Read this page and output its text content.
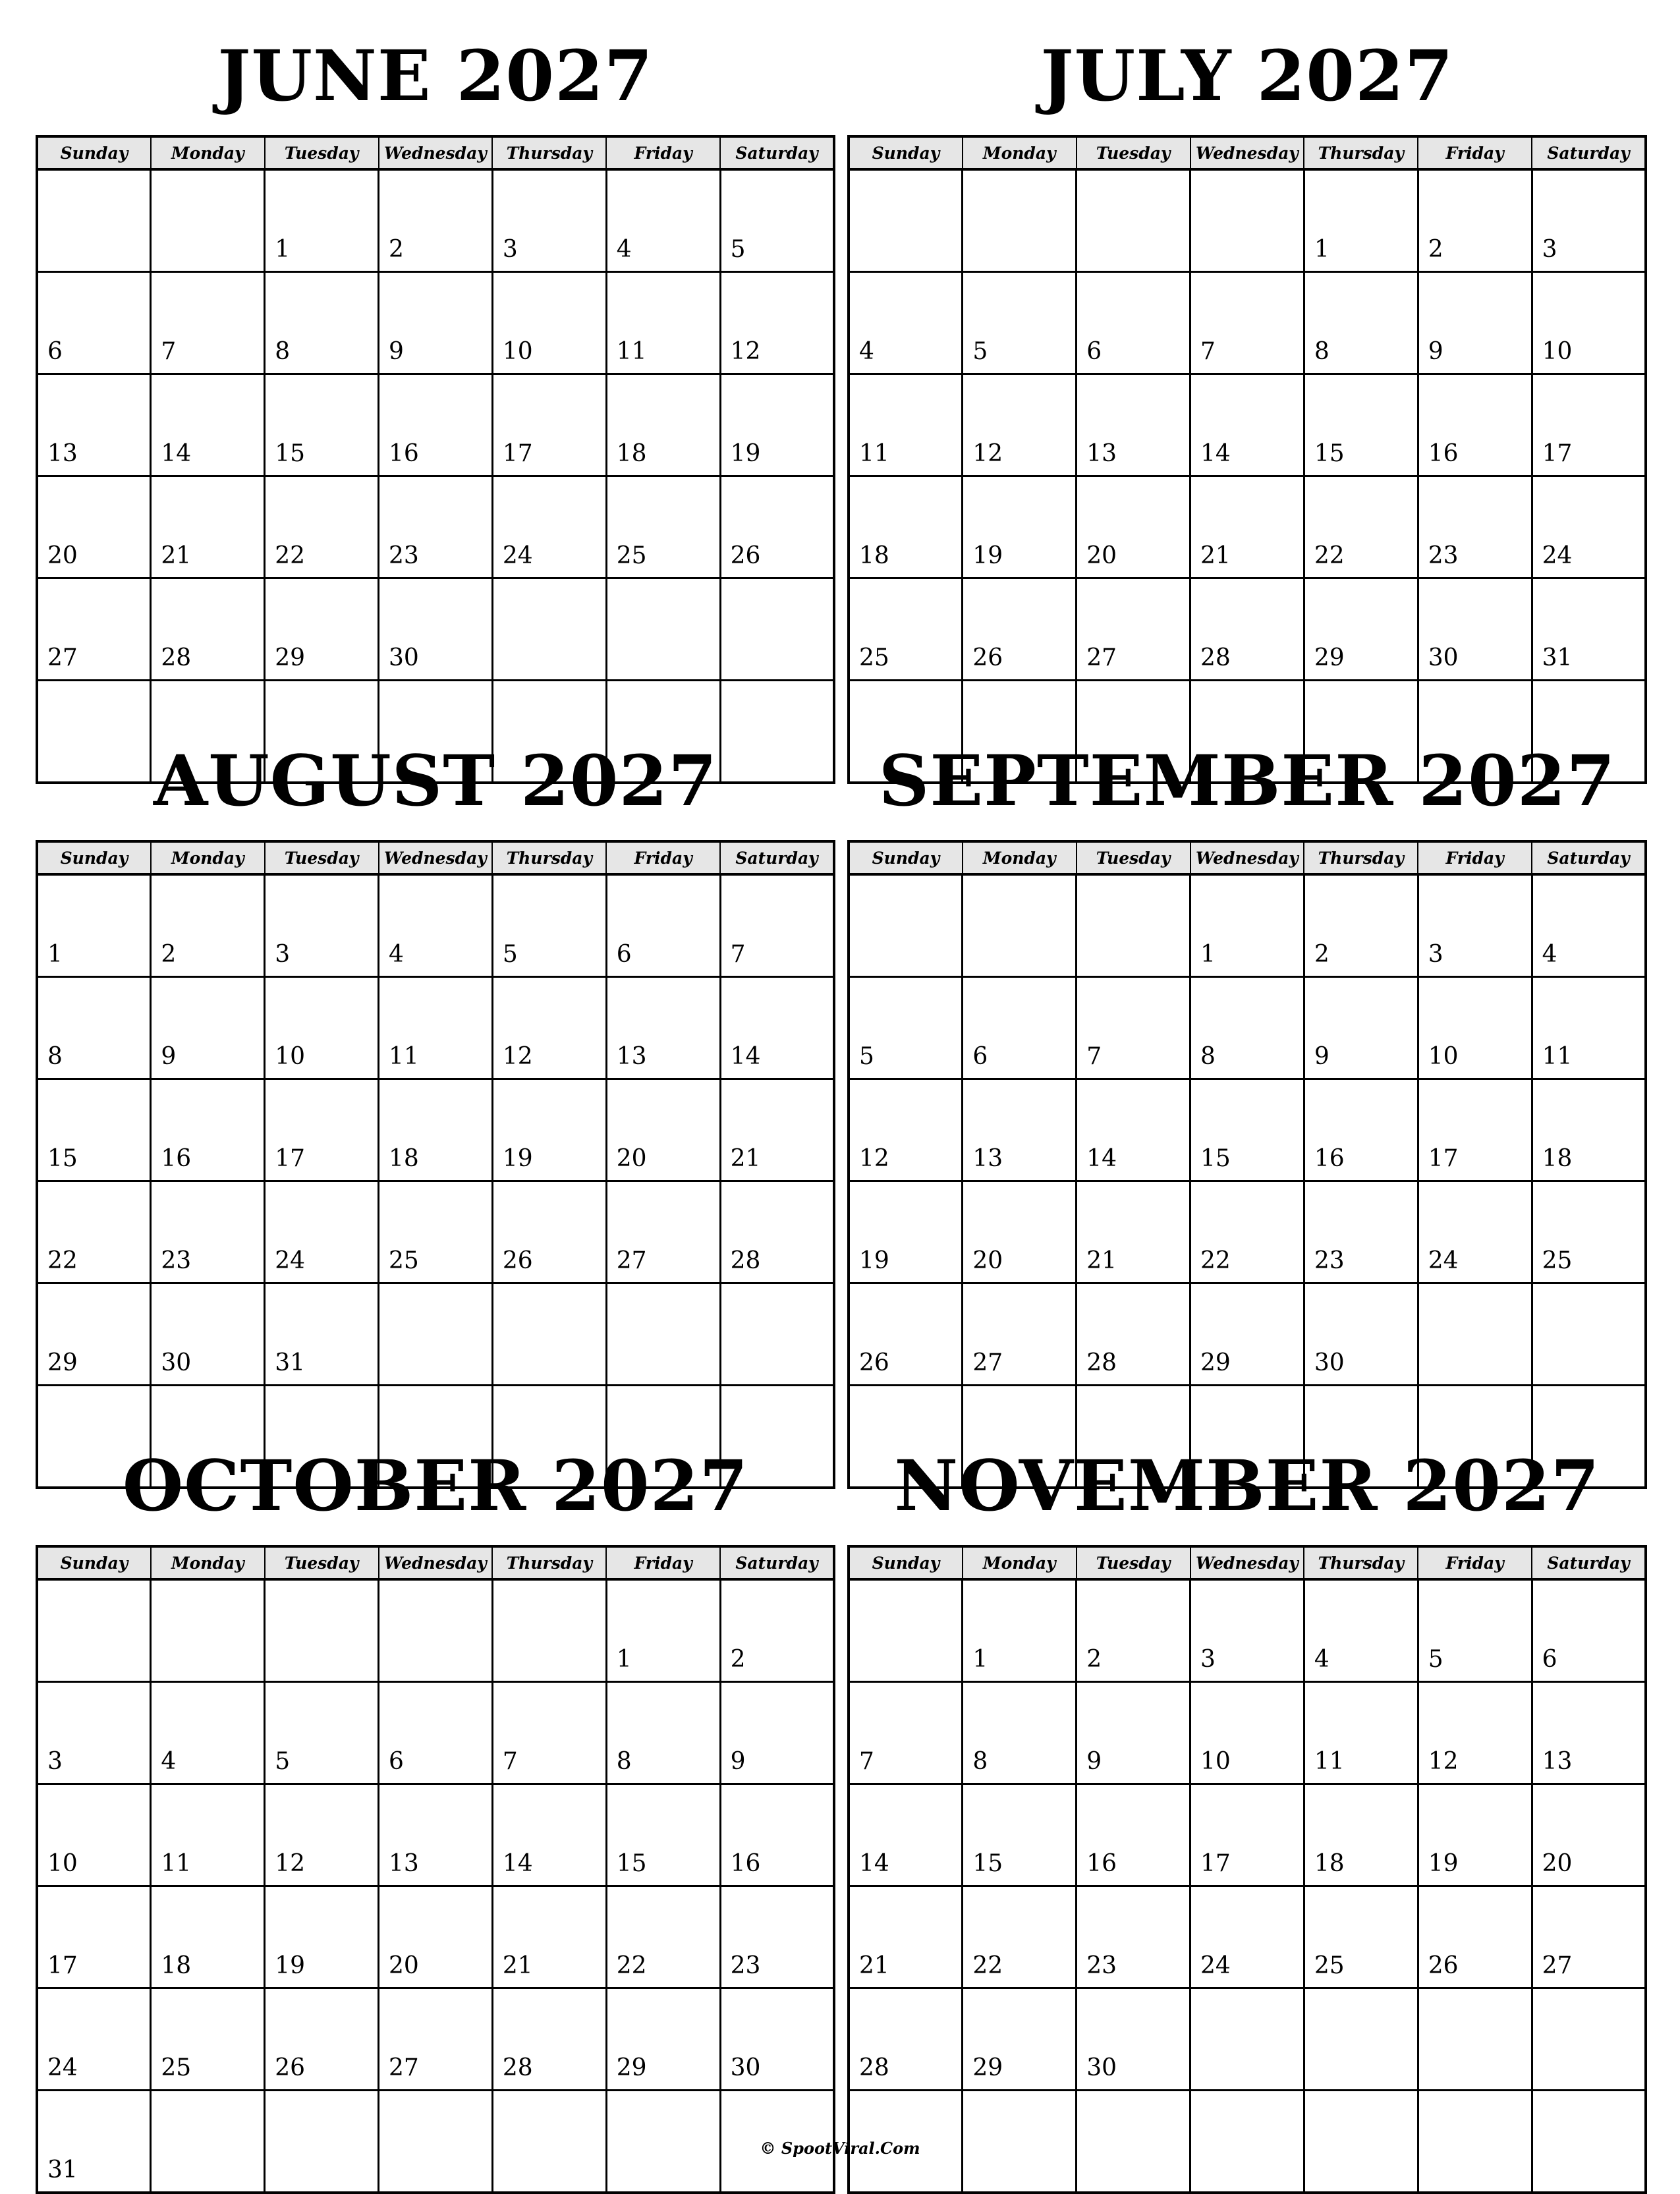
JUNE 2027
Sunday	Monday	Tuesday	Wednesday	Thursday	Friday	Saturday
		1	2	3	4	5
6	7	8	9	10	11	12
13	14	15	16	17	18	19
20	21	22	23	24	25	26
27	28	29	30			

JULY 2027
Sunday	Monday	Tuesday	Wednesday	Thursday	Friday	Saturday
				1	2	3
4	5	6	7	8	9	10
11	12	13	14	15	16	17
18	19	20	21	22	23	24
25	26	27	28	29	30	31

AUGUST 2027
Sunday	Monday	Tuesday	Wednesday	Thursday	Friday	Saturday
1	2	3	4	5	6	7
8	9	10	11	12	13	14
15	16	17	18	19	20	21
22	23	24	25	26	27	28
29	30	31				

SEPTEMBER 2027
Sunday	Monday	Tuesday	Wednesday	Thursday	Friday	Saturday
			1	2	3	4
5	6	7	8	9	10	11
12	13	14	15	16	17	18
19	20	21	22	23	24	25
26	27	28	29	30		

OCTOBER 2027
Sunday	Monday	Tuesday	Wednesday	Thursday	Friday	Saturday
					1	2
3	4	5	6	7	8	9
10	11	12	13	14	15	16
17	18	19	20	21	22	23
24	25	26	27	28	29	30
31						
NOVEMBER 2027
Sunday	Monday	Tuesday	Wednesday	Thursday	Friday	Saturday
	1	2	3	4	5	6
7	8	9	10	11	12	13
14	15	16	17	18	19	20
21	22	23	24	25	26	27
28	29	30				

© SpootViral.Com
